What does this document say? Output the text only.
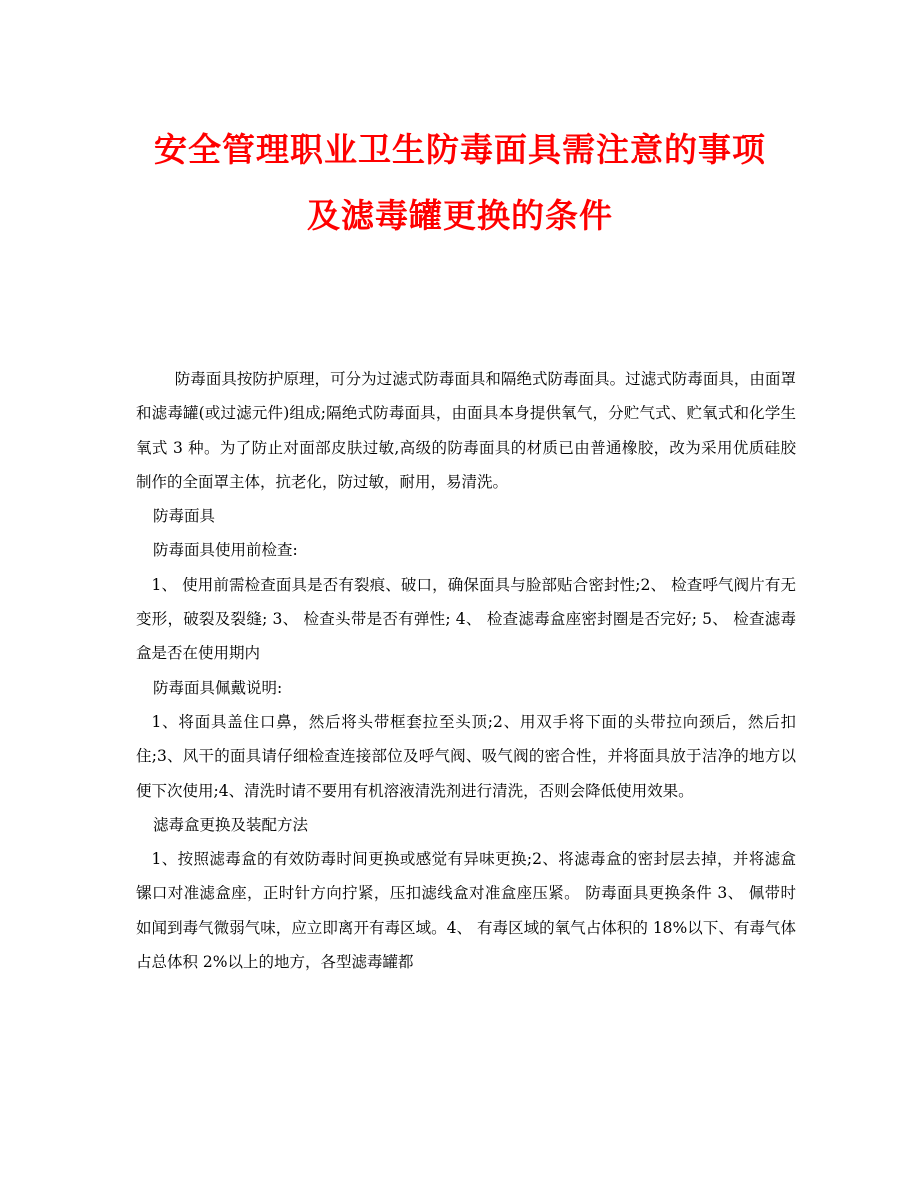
安全管理职业卫生防毒面具需注意的事项
及滤毒罐更换的条件

防毒面具按防护原理，可分为过滤式防毒面具和隔绝式防毒面具。过滤式防毒面具，由面罩和滤毒罐(或过滤元件)组成;隔绝式防毒面具，由面具本身提供氧气，分贮气式、贮氧式和化学生氧式 3 种。为了防止对面部皮肤过敏,高级的防毒面具的材质已由普通橡胶，改为采用优质硅胶制作的全面罩主体，抗老化，防过敏，耐用，易清洗。

防毒面具

防毒面具使用前检查:

1、 使用前需检查面具是否有裂痕、破口，确保面具与脸部贴合密封性;2、 检查呼气阀片有无变形，破裂及裂缝; 3、 检查头带是否有弹性; 4、 检查滤毒盒座密封圈是否完好; 5、 检查滤毒盒是否在使用期内

防毒面具佩戴说明:

1、将面具盖住口鼻，然后将头带框套拉至头顶;2、用双手将下面的头带拉向颈后，然后扣住;3、风干的面具请仔细检查连接部位及呼气阀、吸气阀的密合性，并将面具放于洁净的地方以便下次使用;4、清洗时请不要用有机溶液清洗剂进行清洗，否则会降低使用效果。

滤毒盒更换及装配方法

1、按照滤毒盒的有效防毒时间更换或感觉有异味更换;2、将滤毒盒的密封层去掉，并将滤盒镙口对准滤盒座，正时针方向拧紧，压扣滤线盒对准盒座压紧。 防毒面具更换条件 3、 佩带时如闻到毒气微弱气味，应立即离开有毒区域。4、 有毒区域的氧气占体积的 18%以下、有毒气体占总体积 2%以上的地方，各型滤毒罐都
